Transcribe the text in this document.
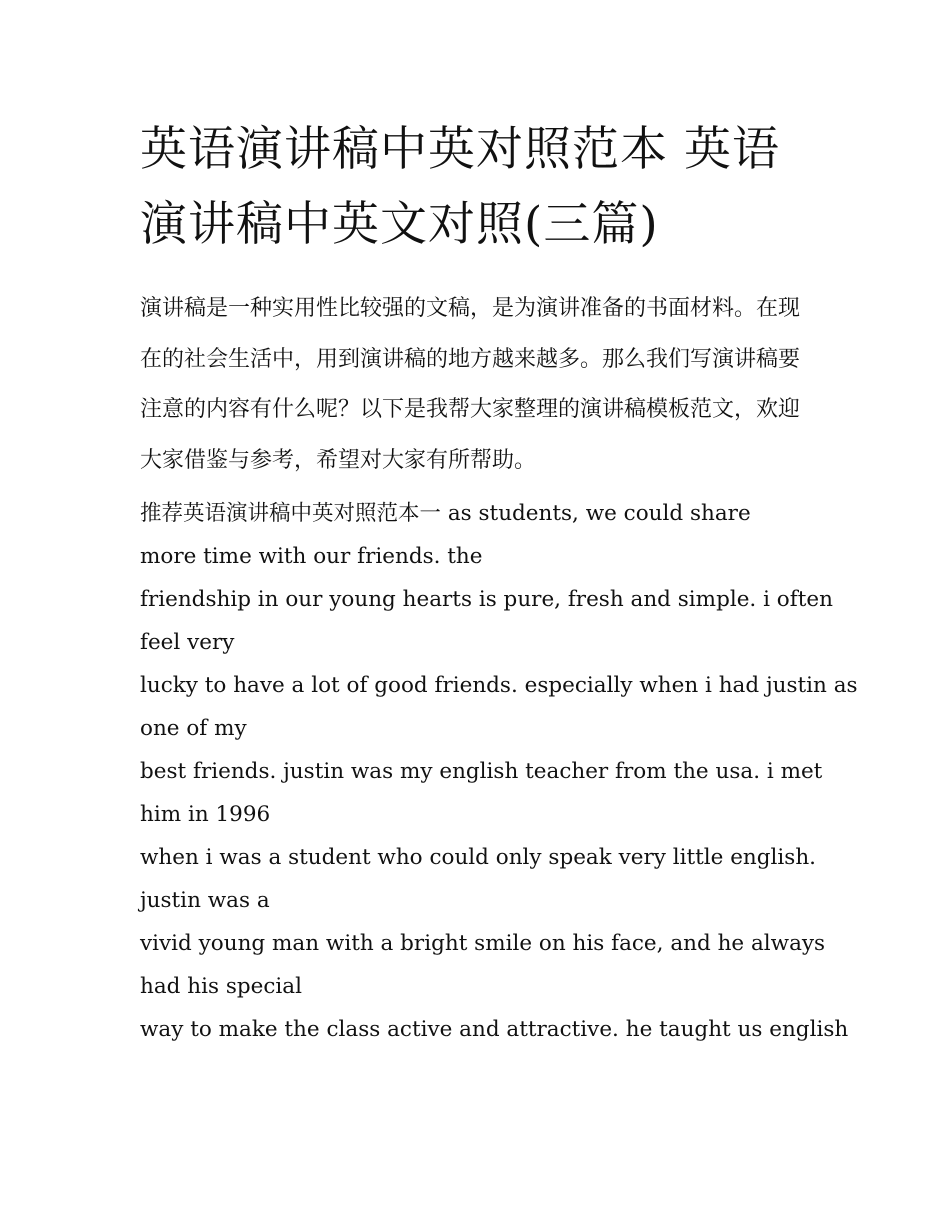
英语演讲稿中英对照范本 英语演讲稿中英文对照(三篇)

演讲稿是一种实用性比较强的文稿，是为演讲准备的书面材料。在现在的社会生活中，用到演讲稿的地方越来越多。那么我们写演讲稿要注意的内容有什么呢？以下是我帮大家整理的演讲稿模板范文，欢迎大家借鉴与参考，希望对大家有所帮助。

推荐英语演讲稿中英对照范本一 as students, we could share
more time with our friends. the
friendship in our young hearts is pure, fresh and simple. i often
feel very
lucky to have a lot of good friends. especially when i had justin as
one of my
best friends. justin was my english teacher from the usa. i met
him in 1996
when i was a student who could only speak very little english.
justin was a
vivid young man with a bright smile on his face, and he always
had his special
way to make the class active and attractive. he taught us english
